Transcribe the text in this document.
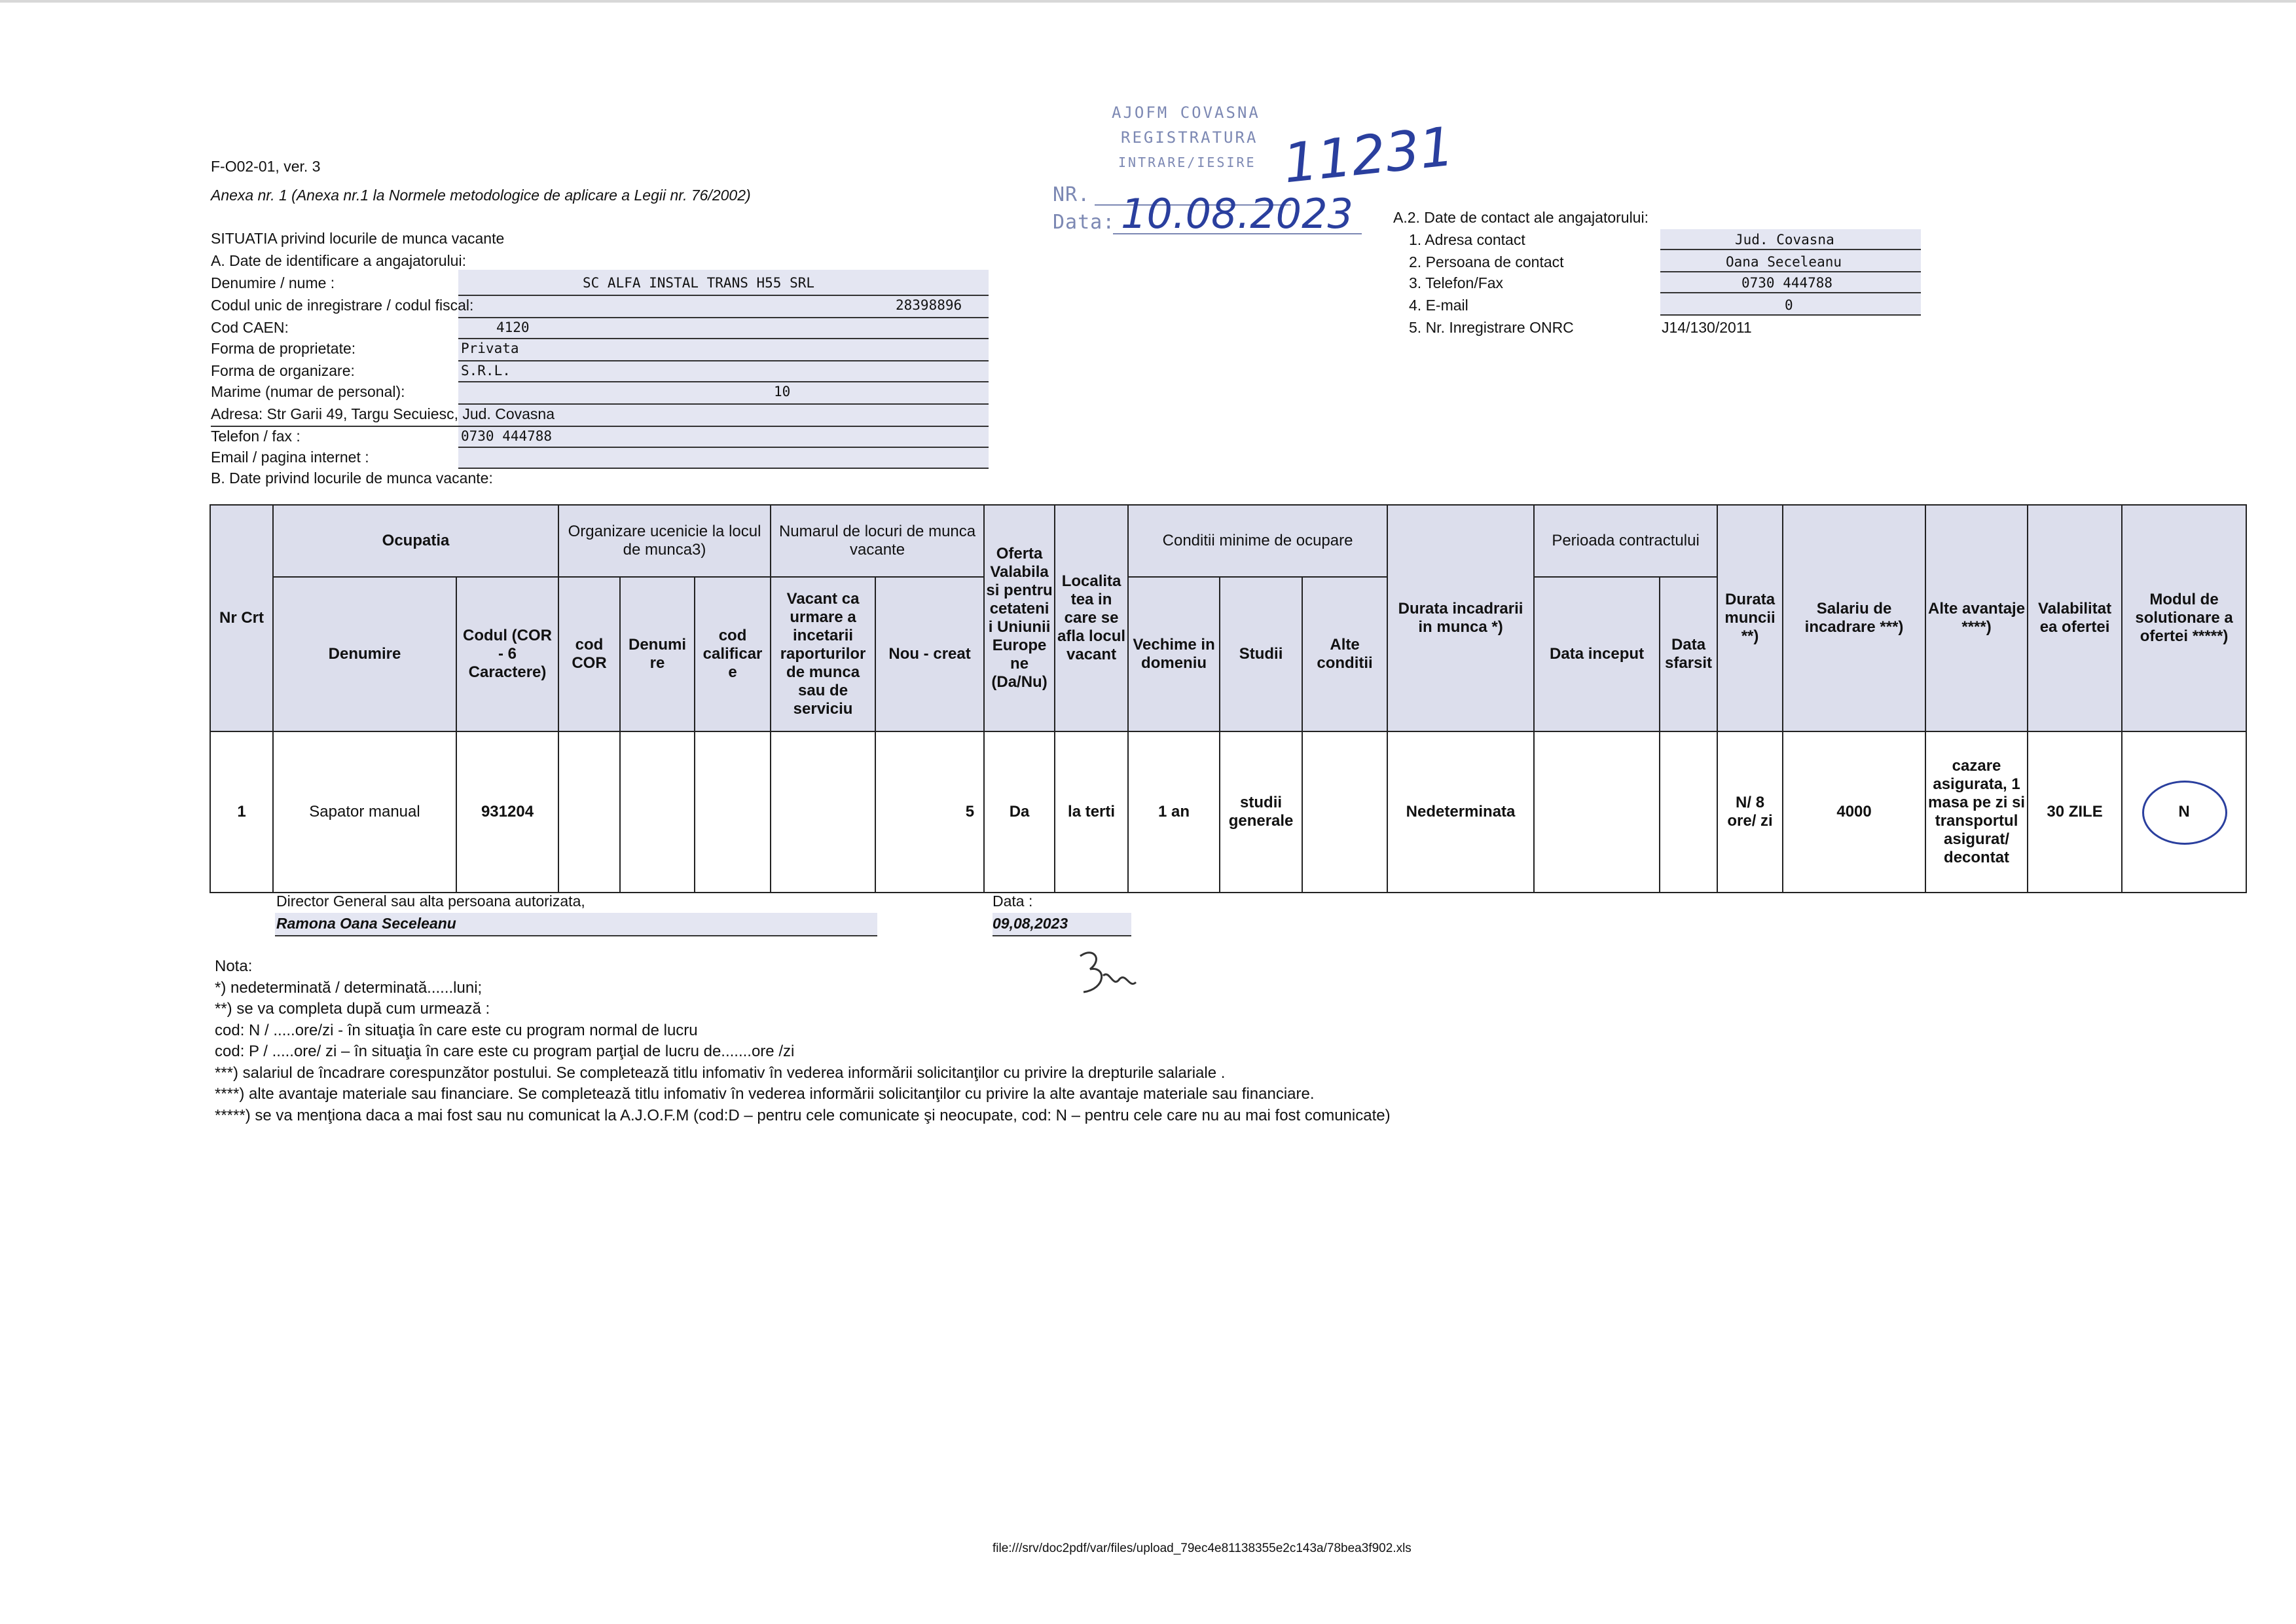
F-O02-01, ver. 3
Anexa nr. 1 (Anexa nr.1 la Normele metodologice de aplicare a Legii nr. 76/2002)
SITUATIA privind locurile de munca vacante
A. Date de identificare a angajatorului:
Denumire / nume :	SC ALFA INSTAL TRANS H55 SRL
Codul unic de inregistrare / codul fiscal:	28398896
Cod CAEN:	4120
Forma de proprietate:	Privata
Forma de organizare:	S.R.L.
Marime (numar de personal):	10
Adresa: Str Garii 49, Targu Secuiesc, Jud. Covasna
Telefon / fax :	0730 444788
Email / pagina internet :
B. Date privind locurile de munca vacante:
AJOFM COVASNA
REGISTRATURA
INTRARE/IESIRE
NR.	11231
Data: 10.08.2023	A.2. Date de contact ale angajatorului:
1. Adresa contact	Jud. Covasna
2. Persoana de contact	Oana Seceleanu
3. Telefon/Fax	0730 444788
4. E-mail	0
5. Nr. Inregistrare ONRC	J14/130/2011
Nr Crt	Ocupatia		Organizare ucenicie la locul de munca3)			Numarul de locuri de munca vacante		Oferta Valabila si pentru cetateni i Uniunii Europe ne (Da/Nu)	Localita tea in care se afla locul vacant	Conditii minime de ocupare			Durata incadrarii in munca *)	Perioada contractului		Durata muncii **)	Salariu de incadrare ***)	Alte avantaje ****)	Valabilitat ea ofertei	Modul de solutionare a ofertei *****)
	Denumire	Codul (COR - 6 Caractere)	cod COR	Denumi re	cod calificar e	Vacant ca urmare a incetarii raporturilor de munca sau de serviciu	Nou - creat			Vechime in domeniu	Studii	Alte conditii		Data inceput	Data sfarsit					
1	Sapator manual	931204					5	Da	la terti	1 an	studii generale		Nedeterminata			N/ 8 ore/ zi	4000	cazare asigurata, 1 masa pe zi si transportul asigurat/ decontat	30 ZILE	N
Director General sau alta persoana autorizata,
Ramona Oana Seceleanu
Data :
09,08,2023
Nota:
*) nedeterminată / determinată......luni;
**) se va completa după cum urmează :
cod: N / .....ore/zi - în situaţia în care este cu program normal de lucru
cod: P / .....ore/ zi – în situaţia în care este cu program parţial de lucru de.......ore /zi
***) salariul de încadrare corespunzător postului. Se completează titlu infomativ în vederea informării solicitanţilor cu privire la drepturile salariale .
****) alte avantaje materiale sau financiare. Se completează titlu infomativ în vederea informării solicitanţilor cu privire la alte avantaje materiale sau financiare.
*****) se va menţiona daca a mai fost sau nu comunicat la A.J.O.F.M (cod:D – pentru cele comunicate şi neocupate, cod: N – pentru cele care nu au mai fost comunicate)
file:///srv/doc2pdf/var/files/upload_79ec4e81138355e2c143a/78bea3f902.xls
